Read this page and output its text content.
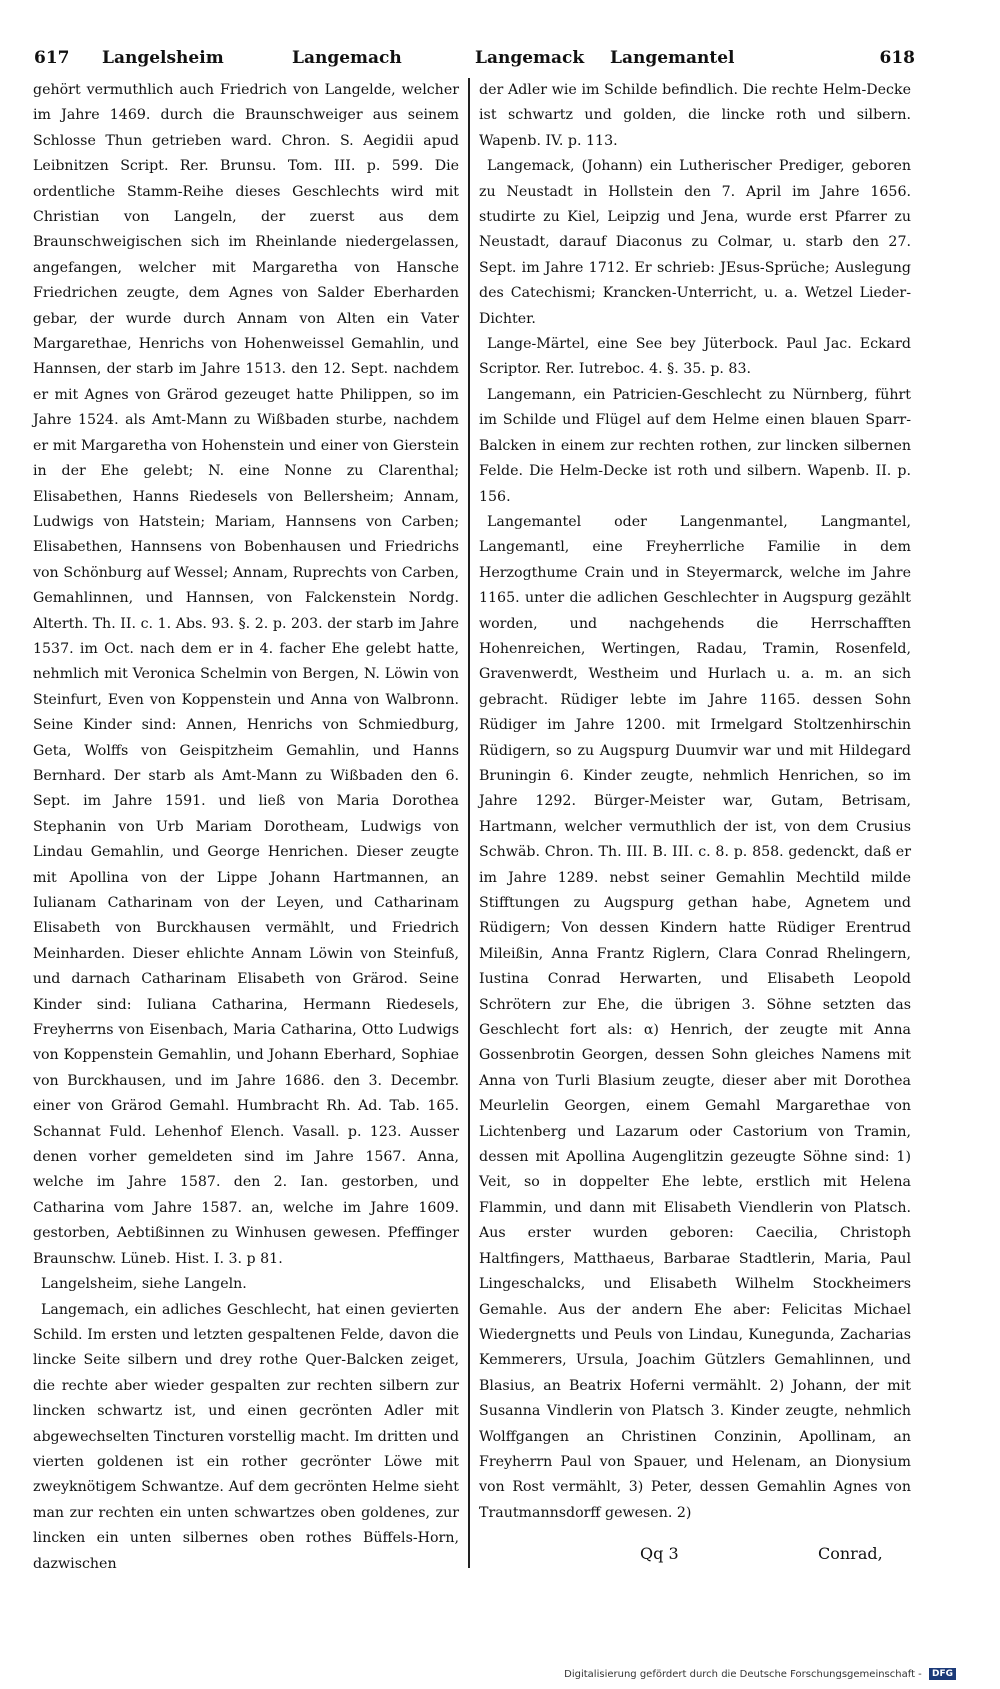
617 Langelsheim	Langemach	Langemack Langemantel	618

gehört vermuthlich auch Friedrich von Langelde, welcher im Jahre 1469. durch die Braunschweiger aus seinem Schlosse Thun getrieben ward. Chron. S. Aegidii apud Leibnitzen Script. Rer. Brunsu. Tom. III. p. 599. Die ordentliche Stamm-Reihe dieses Geschlechts wird mit Christian von Langeln, der zuerst aus dem Braunschweigischen sich im Rheinlande niedergelassen, angefangen, welcher mit Margaretha von Hansche Friedrichen zeugte, dem Agnes von Salder Eberharden gebar, der wurde durch Annam von Alten ein Vater Margarethae, Henrichs von Hohenweissel Gemahlin, und Hannsen, der starb im Jahre 1513. den 12. Sept. nachdem er mit Agnes von Grärod gezeuget hatte Philippen, so im Jahre 1524. als Amt-Mann zu Wißbaden sturbe, nachdem er mit Margaretha von Hohenstein und einer von Gierstein in der Ehe gelebt; N. eine Nonne zu Clarenthal; Elisabethen, Hanns Riedesels von Bellersheim; Annam, Ludwigs von Hatstein; Mariam, Hannsens von Carben; Elisabethen, Hannsens von Bobenhausen und Friedrichs von Schönburg auf Wessel; Annam, Ruprechts von Carben, Gemahlinnen, und Hannsen, von Falckenstein Nordg. Alterth. Th. II. c. 1. Abs. 93. §. 2. p. 203. der starb im Jahre 1537. im Oct. nach dem er in 4. facher Ehe gelebt hatte, nehmlich mit Veronica Schelmin von Bergen, N. Löwin von Steinfurt, Even von Koppenstein und Anna von Walbronn. Seine Kinder sind: Annen, Henrichs von Schmiedburg, Geta, Wolffs von Geispitzheim Gemahlin, und Hanns Bernhard. Der starb als Amt-Mann zu Wißbaden den 6. Sept. im Jahre 1591. und ließ von Maria Dorothea Stephanin von Urb Mariam Dorotheam, Ludwigs von Lindau Gemahlin, und George Henrichen. Dieser zeugte mit Apollina von der Lippe Johann Hartmannen, an Iulianam Catharinam von der Leyen, und Catharinam Elisabeth von Burckhausen vermählt, und Friedrich Meinharden. Dieser ehlichte Annam Löwin von Steinfuß, und darnach Catharinam Elisabeth von Grärod. Seine Kinder sind: Iuliana Catharina, Hermann Riedesels, Freyherrns von Eisenbach, Maria Catharina, Otto Ludwigs von Koppenstein Gemahlin, und Johann Eberhard, Sophiae von Burckhausen, und im Jahre 1686. den 3. Decembr. einer von Grärod Gemahl. Humbracht Rh. Ad. Tab. 165. Schannat Fuld. Lehenhof Elench. Vasall. p. 123. Ausser denen vorher gemeldeten sind im Jahre 1567. Anna, welche im Jahre 1587. den 2. Ian. gestorben, und Catharina vom Jahre 1587. an, welche im Jahre 1609. gestorben, Aebtißinnen zu Winhusen gewesen. Pfeffinger Braunschw. Lüneb. Hist. I. 3. p 81.

Langelsheim, siehe Langeln.

Langemach, ein adliches Geschlecht, hat einen gevierten Schild. Im ersten und letzten gespaltenen Felde, davon die lincke Seite silbern und drey rothe Quer-Balcken zeiget, die rechte aber wieder gespalten zur rechten silbern zur lincken schwartz ist, und einen gecrönten Adler mit abgewechselten Tincturen vorstellig macht. Im dritten und vierten goldenen ist ein rother gecrönter Löwe mit zweyknötigem Schwantze. Auf dem gecrönten Helme sieht man zur rechten ein unten schwartzes oben goldenes, zur lincken ein unten silbernes oben rothes Büffels-Horn, dazwischen

der Adler wie im Schilde befindlich. Die rechte Helm-Decke ist schwartz und golden, die lincke roth und silbern. Wapenb. IV. p. 113.

Langemack, (Johann) ein Lutherischer Prediger, geboren zu Neustadt in Hollstein den 7. April im Jahre 1656. studirte zu Kiel, Leipzig und Jena, wurde erst Pfarrer zu Neustadt, darauf Diaconus zu Colmar, u. starb den 27. Sept. im Jahre 1712. Er schrieb: JEsus-Sprüche; Auslegung des Catechismi; Krancken-Unterricht, u. a. Wetzel Lieder-Dichter.

Lange-Märtel, eine See bey Jüterbock. Paul Jac. Eckard Scriptor. Rer. Iutreboc. 4. §. 35. p. 83.

Langemann, ein Patricien-Geschlecht zu Nürnberg, führt im Schilde und Flügel auf dem Helme einen blauen Sparr-Balcken in einem zur rechten rothen, zur lincken silbernen Felde. Die Helm-Decke ist roth und silbern. Wapenb. II. p. 156.

Langemantel oder Langenmantel, Langmantel, Langemantl, eine Freyherrliche Familie in dem Herzogthume Crain und in Steyermarck, welche im Jahre 1165. unter die adlichen Geschlechter in Augspurg gezählt worden, und nachgehends die Herrschafften Hohenreichen, Wertingen, Radau, Tramin, Rosenfeld, Gravenwerdt, Westheim und Hurlach u. a. m. an sich gebracht. Rüdiger lebte im Jahre 1165. dessen Sohn Rüdiger im Jahre 1200. mit Irmelgard Stoltzenhirschin Rüdigern, so zu Augspurg Duumvir war und mit Hildegard Bruningin 6. Kinder zeugte, nehmlich Henrichen, so im Jahre 1292. Bürger-Meister war, Gutam, Betrisam, Hartmann, welcher vermuthlich der ist, von dem Crusius Schwäb. Chron. Th. III. B. III. c. 8. p. 858. gedenckt, daß er im Jahre 1289. nebst seiner Gemahlin Mechtild milde Stifftungen zu Augspurg gethan habe, Agnetem und Rüdigern; Von dessen Kindern hatte Rüdiger Erentrud Mileißin, Anna Frantz Riglern, Clara Conrad Rhelingern, Iustina Conrad Herwarten, und Elisabeth Leopold Schrötern zur Ehe, die übrigen 3. Söhne setzten das Geschlecht fort als: α) Henrich, der zeugte mit Anna Gossenbrotin Georgen, dessen Sohn gleiches Namens mit Anna von Turli Blasium zeugte, dieser aber mit Dorothea Meurlelin Georgen, einem Gemahl Margarethae von Lichtenberg und Lazarum oder Castorium von Tramin, dessen mit Apollina Augenglitzin gezeugte Söhne sind: 1) Veit, so in doppelter Ehe lebte, erstlich mit Helena Flammin, und dann mit Elisabeth Viendlerin von Platsch. Aus erster wurden geboren: Caecilia, Christoph Haltfingers, Matthaeus, Barbarae Stadtlerin, Maria, Paul Lingeschalcks, und Elisabeth Wilhelm Stockheimers Gemahle. Aus der andern Ehe aber: Felicitas Michael Wiedergnetts und Peuls von Lindau, Kunegunda, Zacharias Kemmerers, Ursula, Joachim Gützlers Gemahlinnen, und Blasius, an Beatrix Hoferni vermählt. 2) Johann, der mit Susanna Vindlerin von Platsch 3. Kinder zeugte, nehmlich Wolffgangen an Christinen Conzinin, Apollinam, an Freyherrn Paul von Spauer, und Helenam, an Dionysium von Rost vermählt, 3) Peter, dessen Gemahlin Agnes von Trautmannsdorff gewesen. 2)

Qq 3	Conrad,
Digitalisierung gefördert durch die Deutsche Forschungsgemeinschaft - DFG
